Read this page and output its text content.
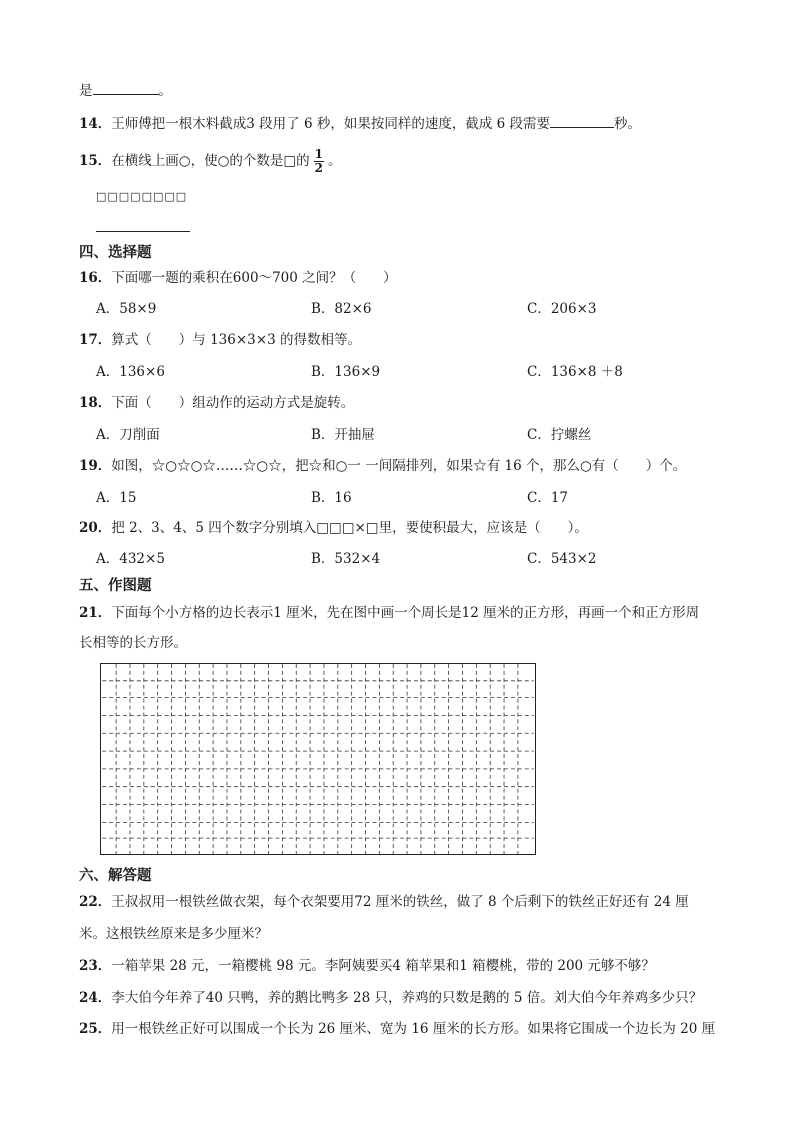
是	。
14．王师傅把一根木料截成3 段用了 6 秒，如果按同样的速度，截成 6 段需要	秒。
15．在横线上画○，使○的个数是□的 $\frac{1}{2}$ 。
□□□□□□□□
四、选择题
16．下面哪一题的乘积在600～700 之间？（　　）
A．58×9	B．82×6	C．206×3
17．算式（　　）与 136×3×3 的得数相等。
A．136×6	B．136×9	C．136×8 ＋8
18．下面（　　）组动作的运动方式是旋转。
A．刀削面	B．开抽屉	C．拧螺丝
19．如图，☆○☆○☆……☆○☆，把☆和○一 一间隔排列，如果☆有 16 个，那么○有（　　）个。
A．15	B．16	C．17
20．把 2、3、4、5 四个数字分别填入□□□×□里，要使积最大，应该是（　　）。
A．432×5	B．532×4	C．543×2
五、作图题
21．下面每个小方格的边长表示1 厘米，先在图中画一个周长是12 厘米的正方形，再画一个和正方形周
长相等的长方形。
六、解答题
22．王叔叔用一根铁丝做衣架，每个衣架要用72 厘米的铁丝，做了 8 个后剩下的铁丝正好还有 24 厘
米。这根铁丝原来是多少厘米？
23．一箱苹果 28 元，一箱樱桃 98 元。李阿姨要买4 箱苹果和1 箱樱桃，带的 200 元够不够？
24．李大伯今年养了40 只鸭，养的鹅比鸭多 28 只，养鸡的只数是鹅的 5 倍。刘大伯今年养鸡多少只？
25．用一根铁丝正好可以围成一个长为 26 厘米、宽为 16 厘米的长方形。如果将它围成一个边长为 20 厘
